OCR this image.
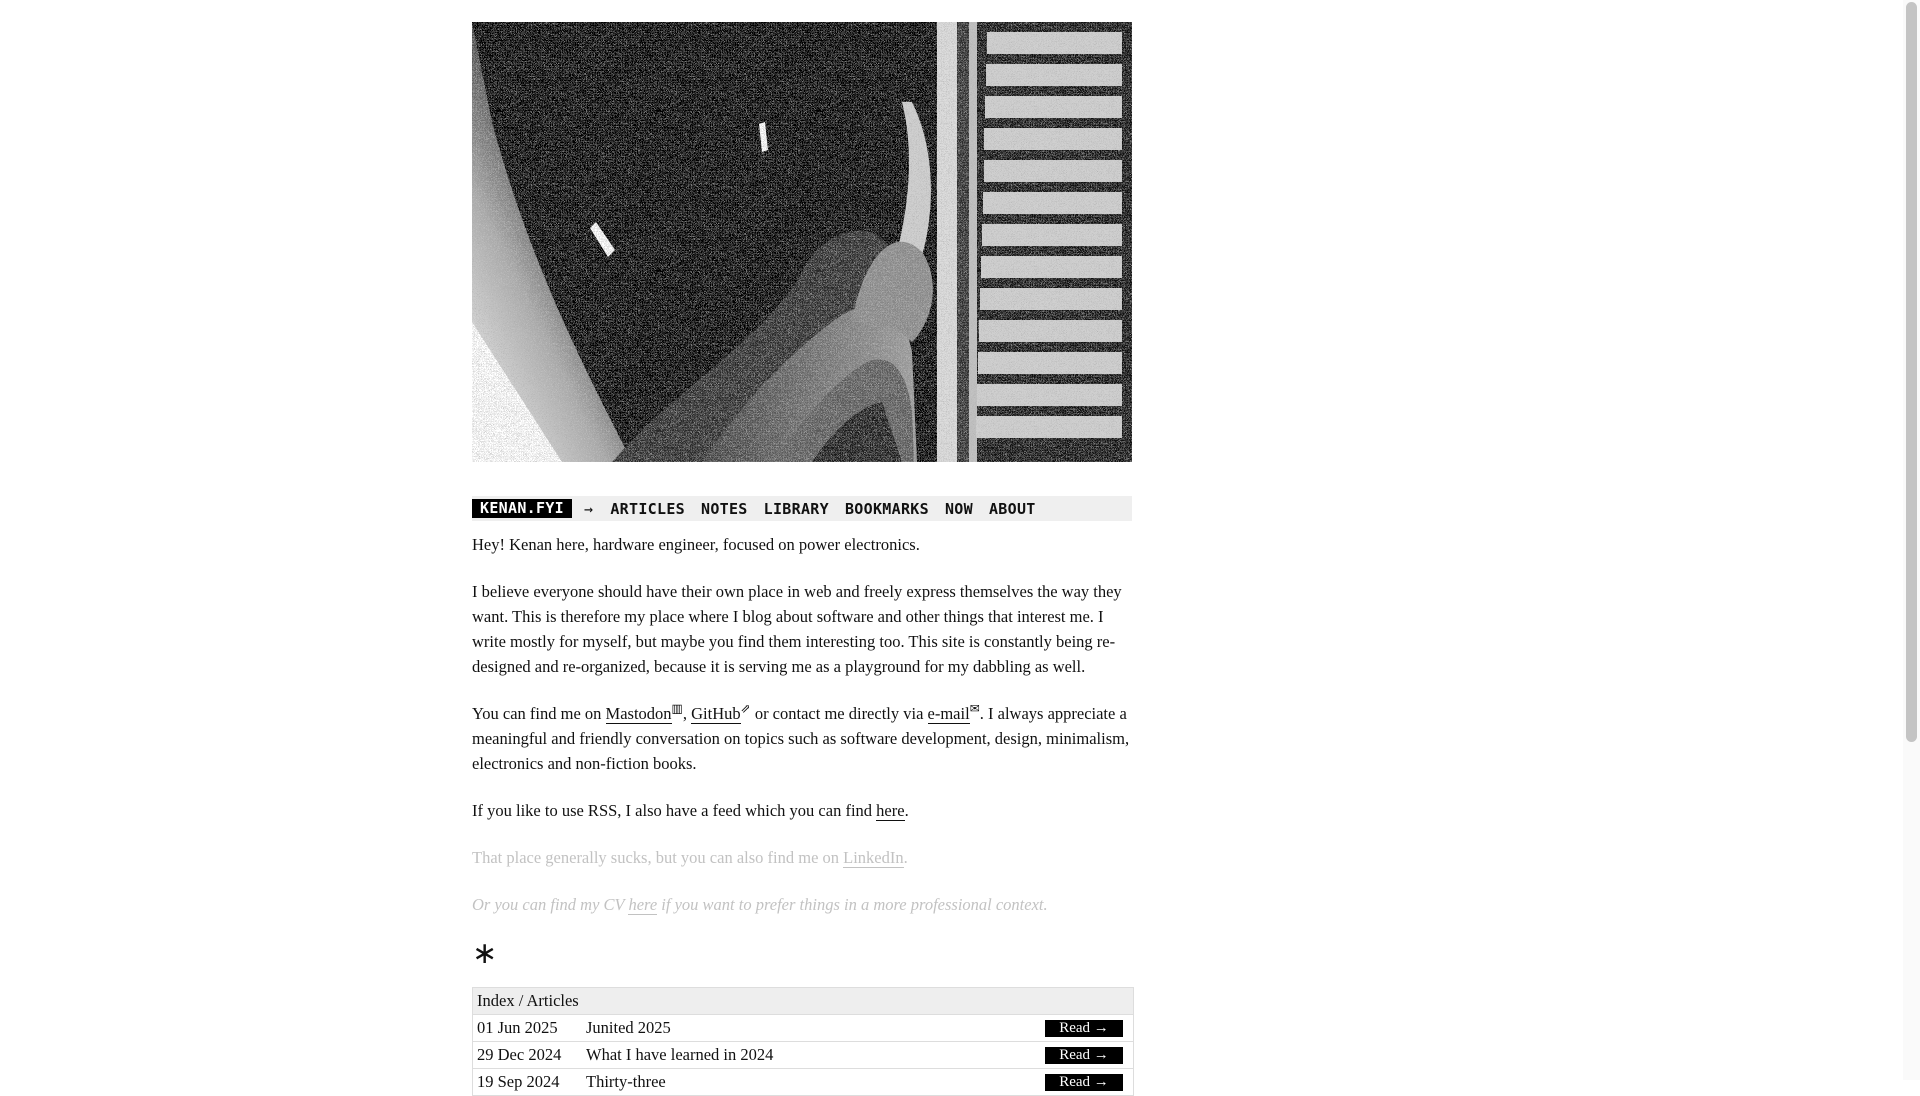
KENAN.FYI	→ ARTICLES NOTES LIBRARY BOOKMARKS NOW ABOUT

Hey! Kenan here, hardware engineer, focused on power electronics.

I believe everyone should have their own place in web and freely express themselves the way they want. This is therefore my place where I blog about software and other things that interest me. I write mostly for myself, but maybe you find them interesting too. This site is constantly being re-designed and re-organized, because it is serving me as a playground for my dabbling as well.

You can find me on Mastodon▥, GitHub⇗ or contact me directly via e-mail✉. I always appreciate a meaningful and friendly conversation on topics such as software development, design, minimalism, electronics and non-fiction books.

If you like to use RSS, I also have a feed which you can find here.

That place generally sucks, but you can also find me on LinkedIn.

Or you can find my CV here if you want to prefer things in a more professional context.

∗
Index / Articles
01 Jun 2025	Junited 2025	Read →
29 Dec 2024	What I have learned in 2024	Read →
19 Sep 2024	Thirty-three	Read →
